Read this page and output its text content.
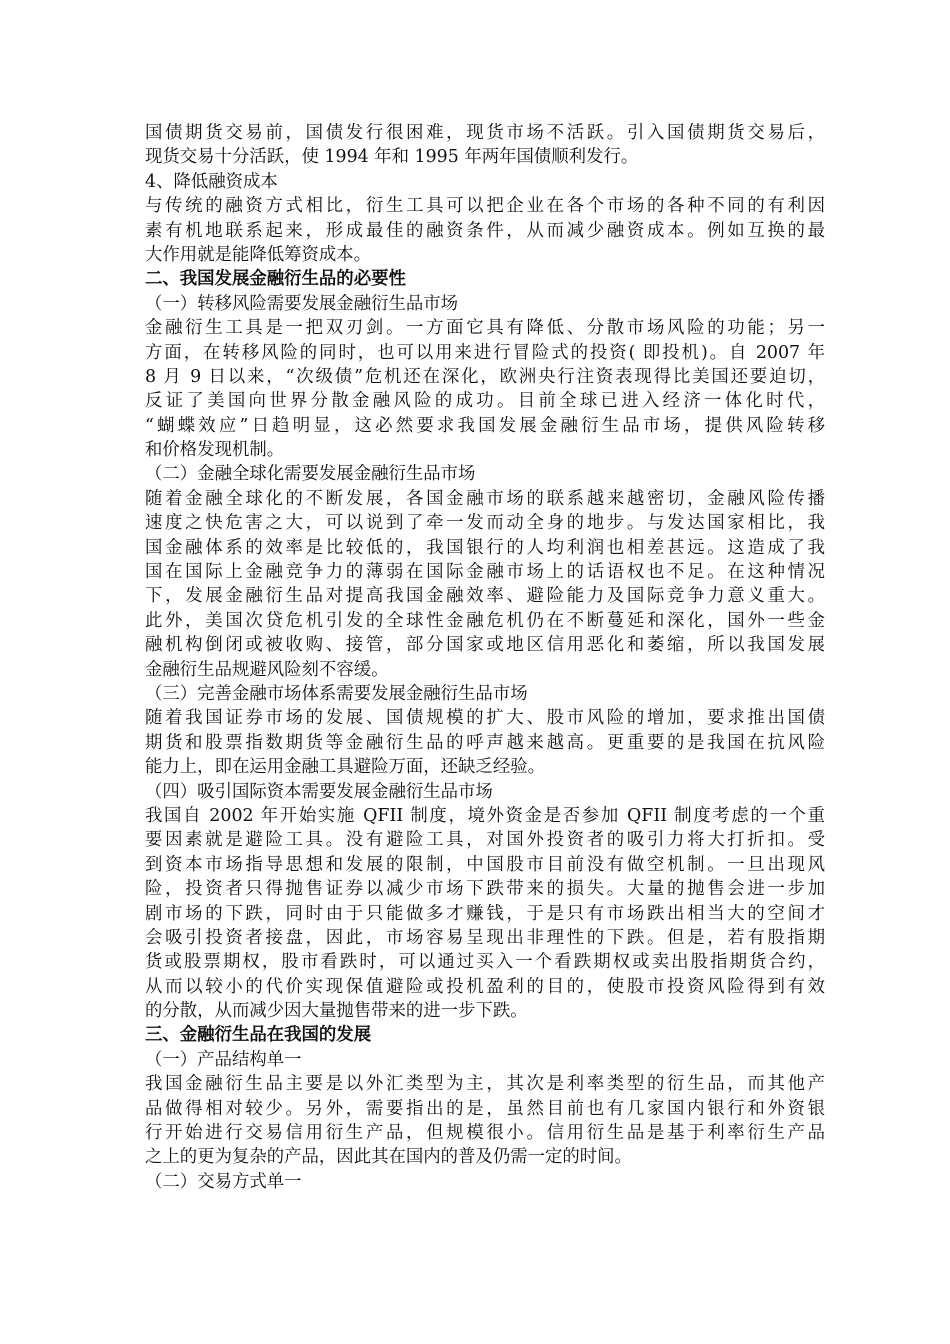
国债期货交易前，国债发行很困难，现货市场不活跃。引入国债期货交易后，
现货交易十分活跃，使 1994 年和 1995 年两年国债顺利发行。
4、降低融资成本
与传统的融资方式相比，衍生工具可以把企业在各个市场的各种不同的有利因
素有机地联系起来，形成最佳的融资条件，从而减少融资成本。例如互换的最
大作用就是能降低筹资成本。
二、我国发展金融衍生品的必要性
（一）转移风险需要发展金融衍生品市场
金融衍生工具是一把双刃剑。一方面它具有降低、分散市场风险的功能；另一
方面，在转移风险的同时，也可以用来进行冒险式的投资( 即投机)。自 2007 年
8 月 9 日以来，“次级债”危机还在深化，欧洲央行注资表现得比美国还要迫切，
反证了美国向世界分散金融风险的成功。目前全球已进入经济一体化时代，
“蝴蝶效应”日趋明显，这必然要求我国发展金融衍生品市场，提供风险转移
和价格发现机制。
（二）金融全球化需要发展金融衍生品市场
随着金融全球化的不断发展，各国金融市场的联系越来越密切，金融风险传播
速度之快危害之大，可以说到了牵一发而动全身的地步。与发达国家相比，我
国金融体系的效率是比较低的，我国银行的人均利润也相差甚远。这造成了我
国在国际上金融竞争力的薄弱在国际金融市场上的话语权也不足。在这种情况
下，发展金融衍生品对提高我国金融效率、避险能力及国际竞争力意义重大。
此外，美国次贷危机引发的全球性金融危机仍在不断蔓延和深化，国外一些金
融机构倒闭或被收购、接管，部分国家或地区信用恶化和萎缩，所以我国发展
金融衍生品规避风险刻不容缓。
（三）完善金融市场体系需要发展金融衍生品市场
随着我国证券市场的发展、国债规模的扩大、股市风险的增加，要求推出国债
期货和股票指数期货等金融衍生品的呼声越来越高。更重要的是我国在抗风险
能力上，即在运用金融工具避险万面，还缺乏经验。
（四）吸引国际资本需要发展金融衍生品市场
我国自 2002 年开始实施 QFII 制度，境外资金是否参加 QFII 制度考虑的一个重
要因素就是避险工具。没有避险工具，对国外投资者的吸引力将大打折扣。受
到资本市场指导思想和发展的限制，中国股市目前没有做空机制。一旦出现风
险，投资者只得抛售证券以减少市场下跌带来的损失。大量的抛售会进一步加
剧市场的下跌，同时由于只能做多才赚钱，于是只有市场跌出相当大的空间才
会吸引投资者接盘，因此，市场容易呈现出非理性的下跌。但是，若有股指期
货或股票期权，股市看跌时，可以通过买入一个看跌期权或卖出股指期货合约，
从而以较小的代价实现保值避险或投机盈利的目的，使股市投资风险得到有效
的分散，从而减少因大量抛售带来的进一步下跌。
三、金融衍生品在我国的发展
（一）产品结构单一
我国金融衍生品主要是以外汇类型为主，其次是利率类型的衍生品，而其他产
品做得相对较少。另外，需要指出的是，虽然目前也有几家国内银行和外资银
行开始进行交易信用衍生产品，但规模很小。信用衍生品是基于利率衍生产品
之上的更为复杂的产品，因此其在国内的普及仍需一定的时间。
（二）交易方式单一
